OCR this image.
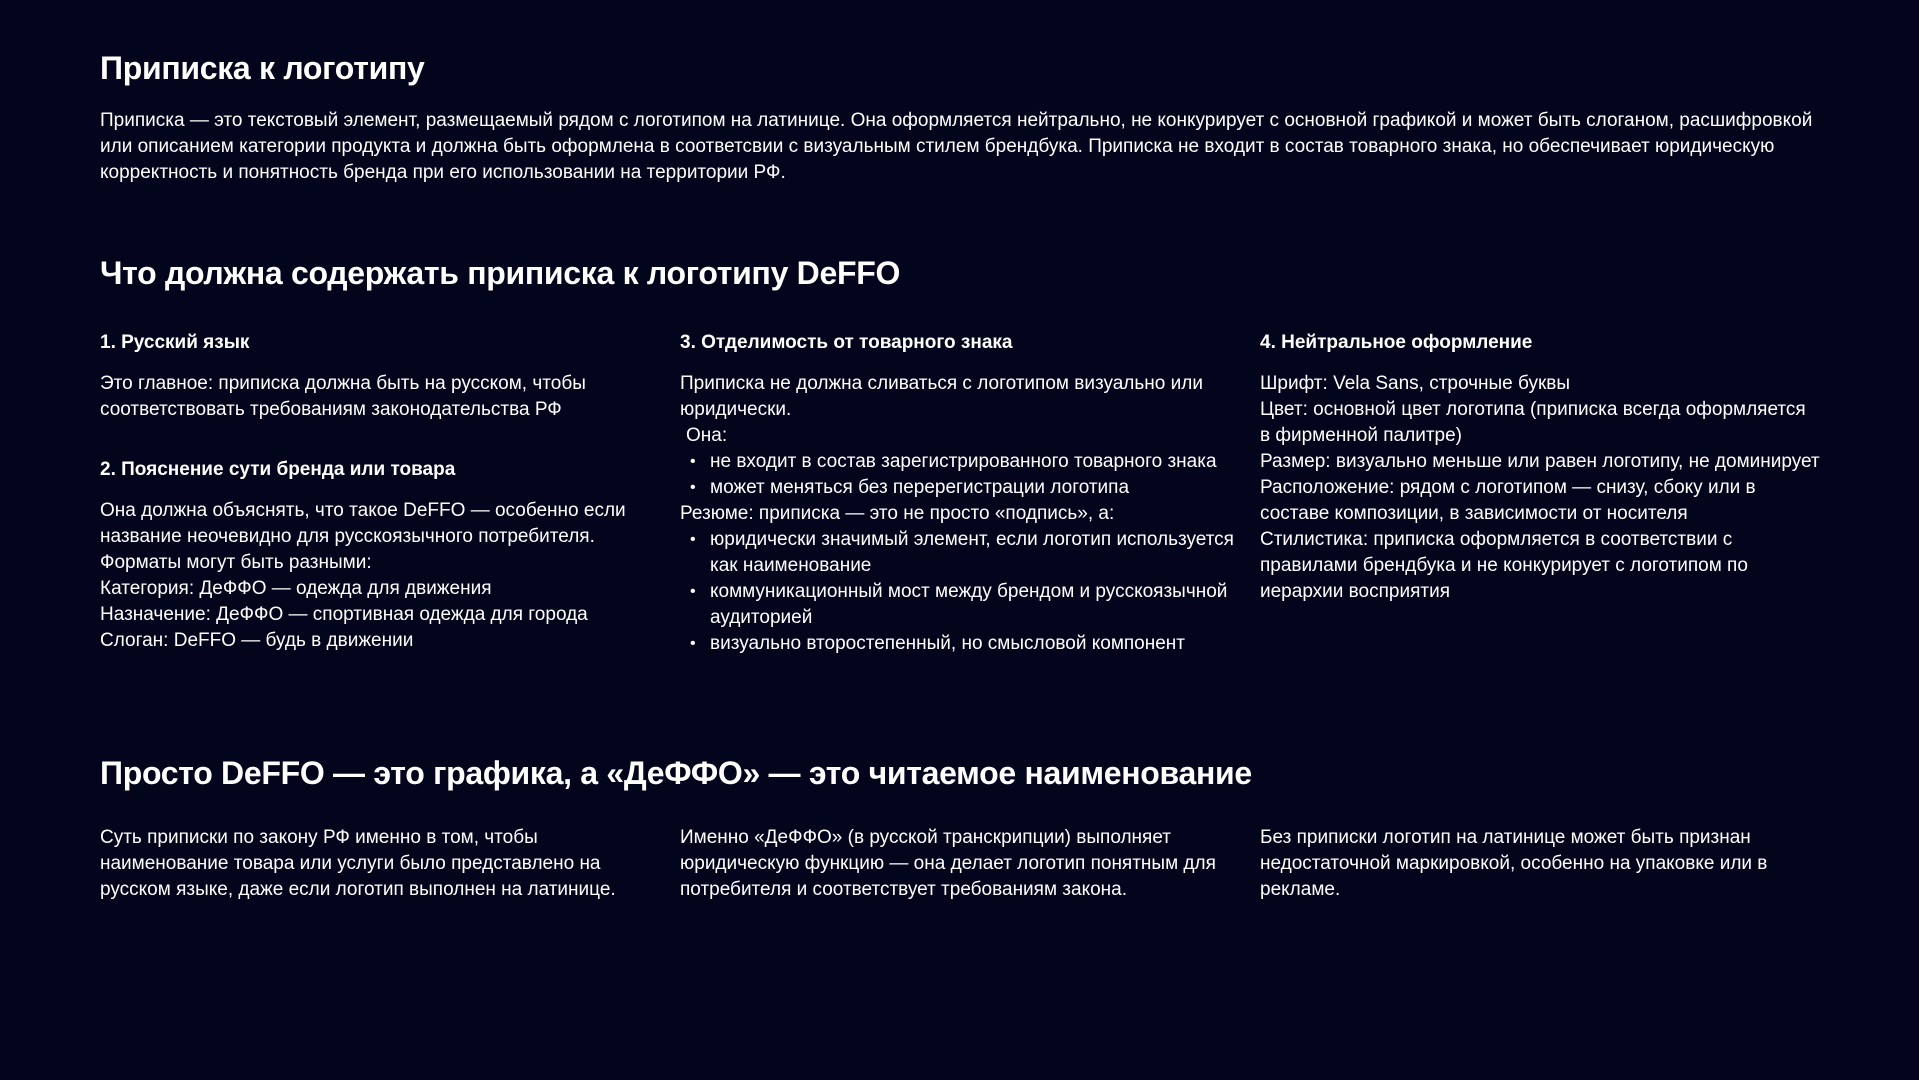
Приписка к логотипу

Приписка — это текстовый элемент, размещаемый рядом с логотипом на латинице. Она оформляется нейтрально, не конкурирует с основной графикой и может быть слоганом, расшифровкой или описанием категории продукта и должна быть оформлена в соответсвии с визуальным стилем брендбука. Приписка не входит в состав товарного знака, но обеспечивает юридическую корректность и понятность бренда при его использовании на территории РФ.

Что должна содержать приписка к логотипу DeFFO

1. Русский язык

Это главное: приписка должна быть на русском, чтобы соответствовать требованиям законодательства РФ

2. Пояснение сути бренда или товара

Она должна объяснять, что такое DeFFO — особенно если название неочевидно для русскоязычного потребителя.

Форматы могут быть разными:
Категория: ДеФФО — одежда для движения
Назначение: ДеФФО — спортивная одежда для города
Слоган: DeFFO — будь в движении

3. Отделимость от товарного знака

Приписка не должна сливаться с логотипом визуально или юридически.

Она:
• не входит в состав зарегистрированного товарного знака
• может меняться без перерегистрации логотипа
Резюме: приписка — это не просто «подпись», а:
• юридически значимый элемент, если логотип используется как наименование
• коммуникационный мост между брендом и русскоязычной аудиторией
• визуально второстепенный, но смысловой компонент

4. Нейтральное оформление

Шрифт: Vela Sans, строчные буквы
Цвет: основной цвет логотипа (приписка всегда оформляется в фирменной палитре)
Размер: визуально меньше или равен логотипу, не доминирует
Расположение: рядом с логотипом — снизу, сбоку или в составе композиции, в зависимости от носителя
Стилистика: приписка оформляется в соответствии с правилами брендбука и не конкурирует с логотипом по иерархии восприятия
Просто DeFFO — это графика, а «ДеФФО» — это читаемое наименование

Суть приписки по закону РФ именно в том, чтобы наименование товара или услуги было представлено на русском языке, даже если логотип выполнен на латинице.

Именно «ДеФФО» (в русской транскрипции) выполняет юридическую функцию — она делает логотип понятным для потребителя и соответствует требованиям закона.

Без приписки логотип на латинице может быть признан недостаточной маркировкой, особенно на упаковке или в рекламе.
